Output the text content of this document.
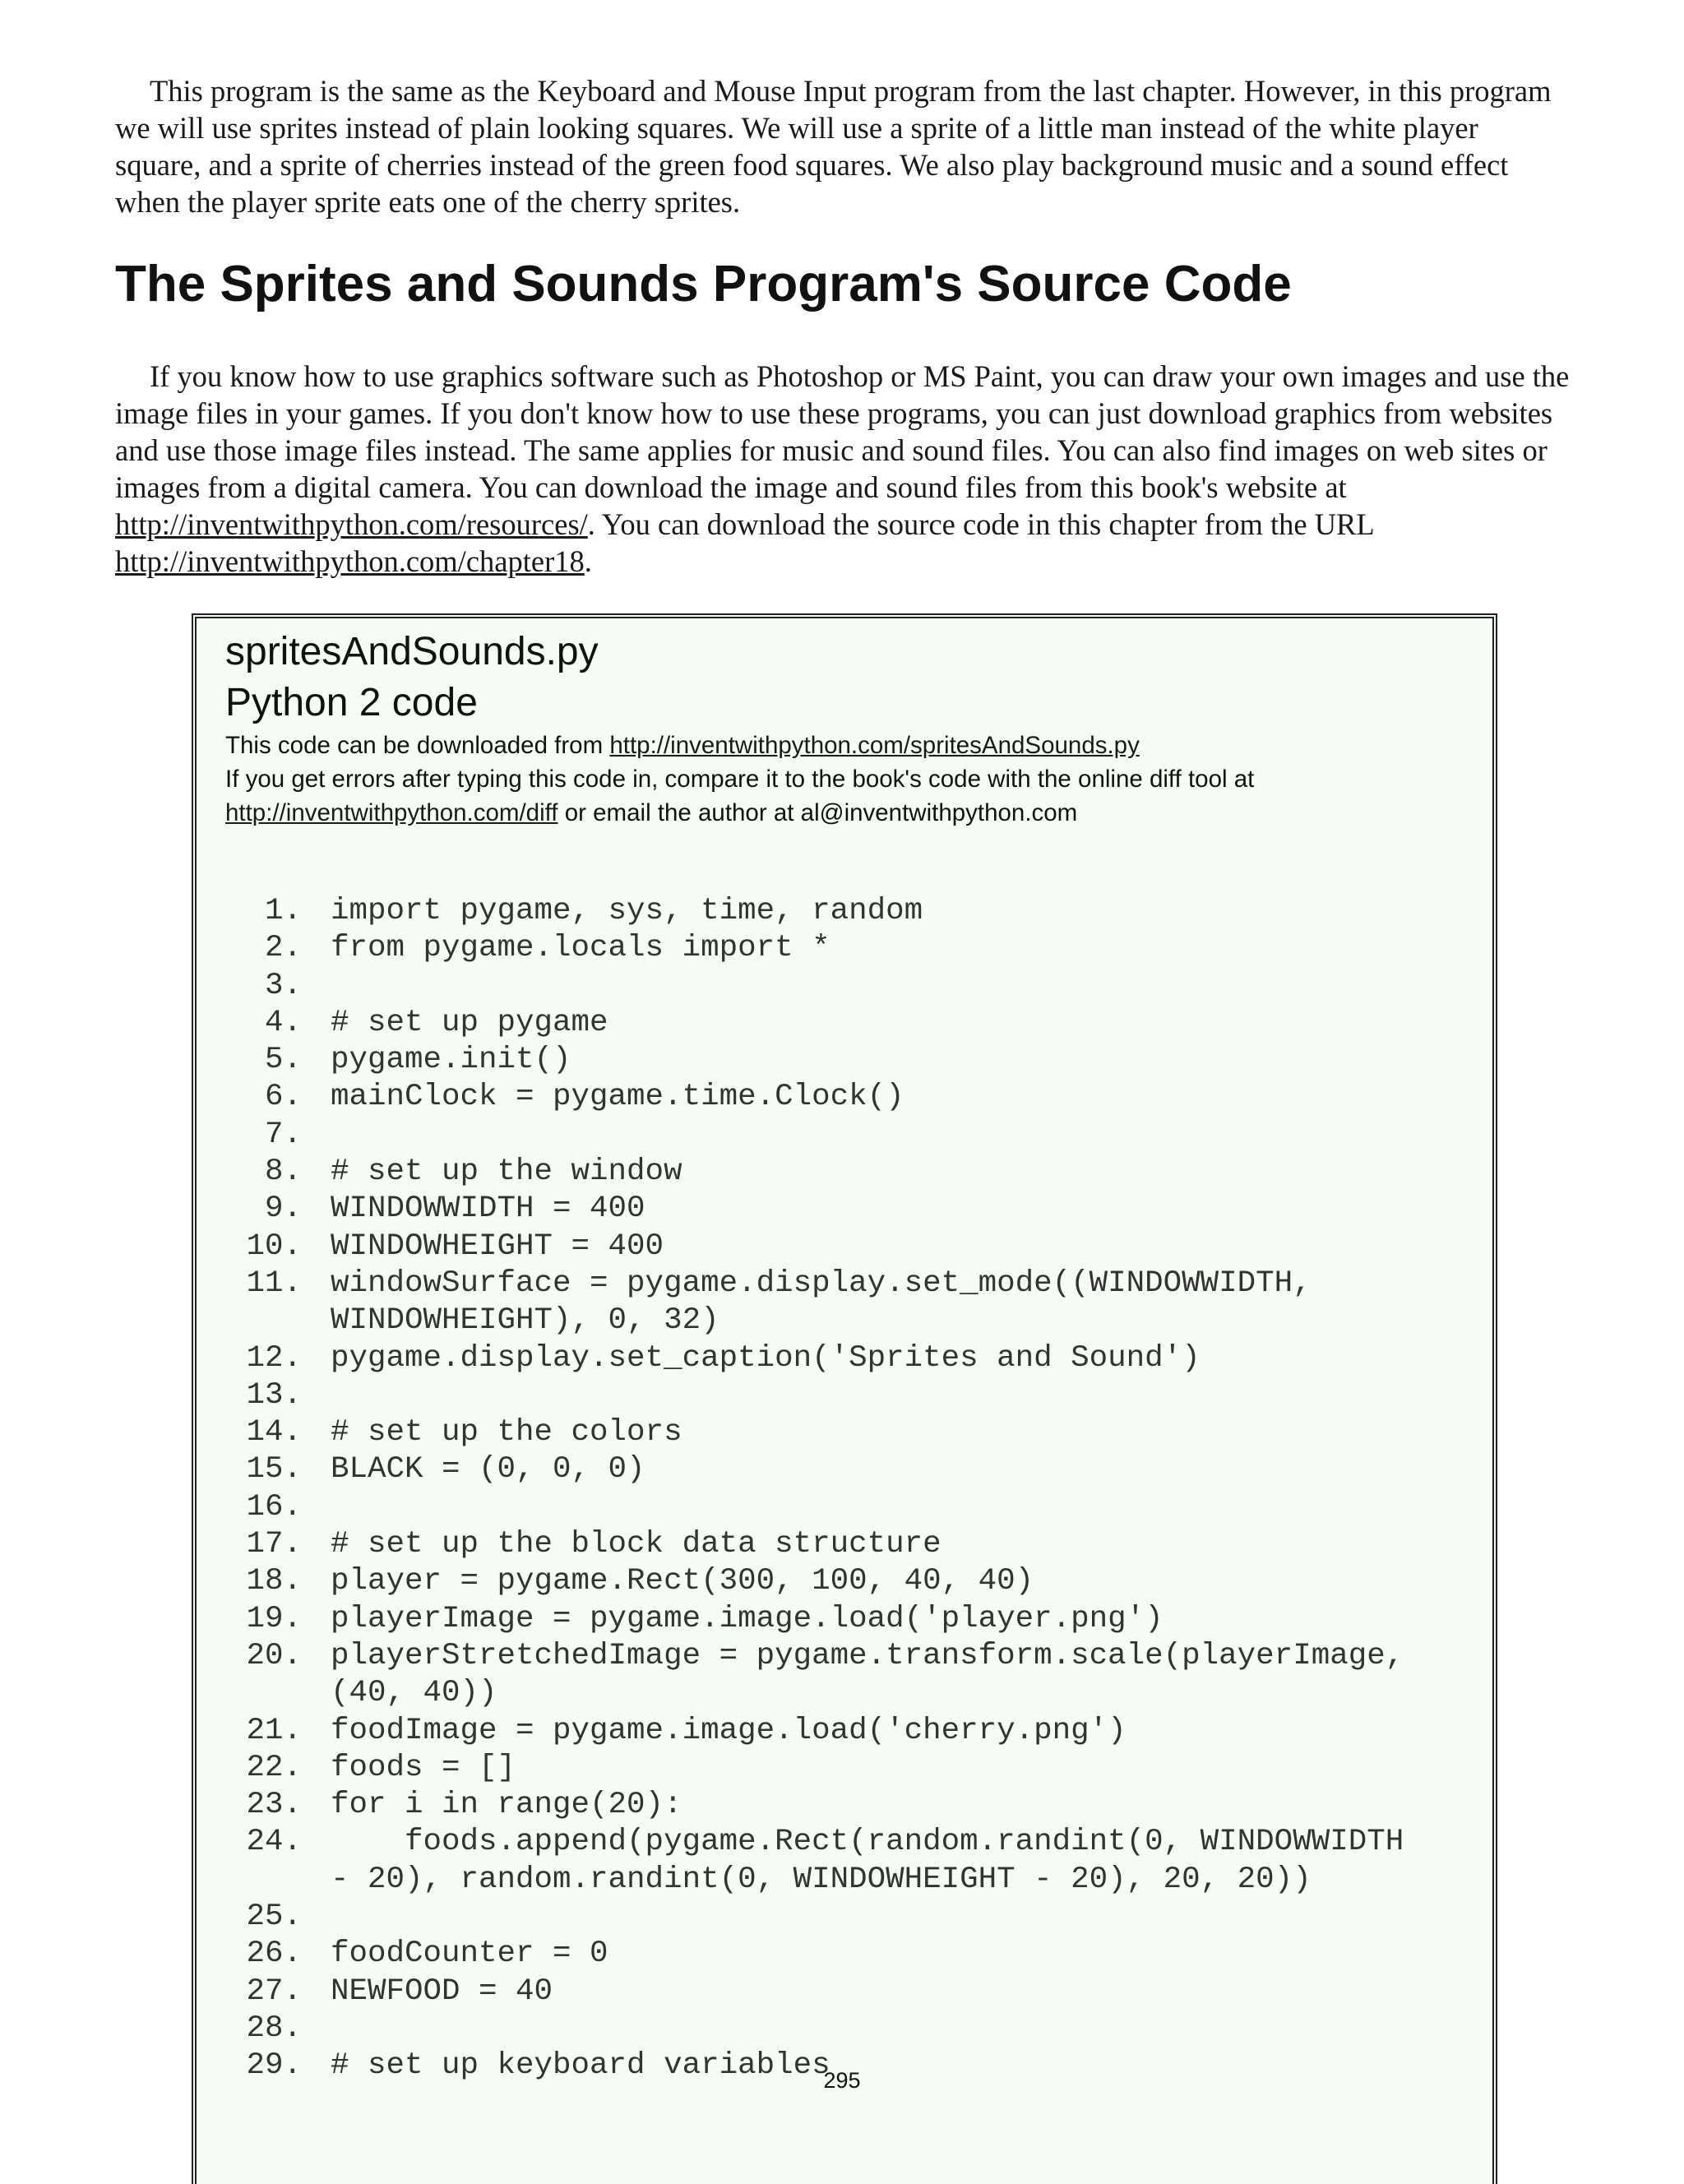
This program is the same as the Keyboard and Mouse Input program from the last chapter. However, in this program we will use sprites instead of plain looking squares. We will use a sprite of a little man instead of the white player square, and a sprite of cherries instead of the green food squares. We also play background music and a sound effect when the player sprite eats one of the cherry sprites.

The Sprites and Sounds Program's Source Code

If you know how to use graphics software such as Photoshop or MS Paint, you can draw your own images and use the image files in your games. If you don't know how to use these programs, you can just download graphics from websites and use those image files instead. The same applies for music and sound files. You can also find images on web sites or images from a digital camera. You can download the image and sound files from this book's website at http://inventwithpython.com/resources/. You can download the source code in this chapter from the URL http://inventwithpython.com/chapter18.

spritesAndSounds.py

Python 2 code

This code can be downloaded from http://inventwithpython.com/spritesAndSounds.py

If you get errors after typing this code in, compare it to the book's code with the online diff tool at

http://inventwithpython.com/diff or email the author at al@inventwithpython.com

1. import pygame, sys, time, random
2. from pygame.locals import *
3.
4. # set up pygame
5. pygame.init()
6. mainClock = pygame.time.Clock()
7.
8. # set up the window
9. WINDOWWIDTH = 400
10. WINDOWHEIGHT = 400
11. windowSurface = pygame.display.set_mode((WINDOWWIDTH,
WINDOWHEIGHT), 0, 32)
12. pygame.display.set_caption('Sprites and Sound')
13.
14. # set up the colors
15. BLACK = (0, 0, 0)
16.
17. # set up the block data structure
18. player = pygame.Rect(300, 100, 40, 40)
19. playerImage = pygame.image.load('player.png')
20. playerStretchedImage = pygame.transform.scale(playerImage,
(40, 40))
21. foodImage = pygame.image.load('cherry.png')
22. foods = []
23. for i in range(20):
24. foods.append(pygame.Rect(random.randint(0, WINDOWWIDTH
- 20), random.randint(0, WINDOWHEIGHT - 20), 20, 20))
25.
26. foodCounter = 0
27. NEWFOOD = 40
28.
29. # set up keyboard variables
295
